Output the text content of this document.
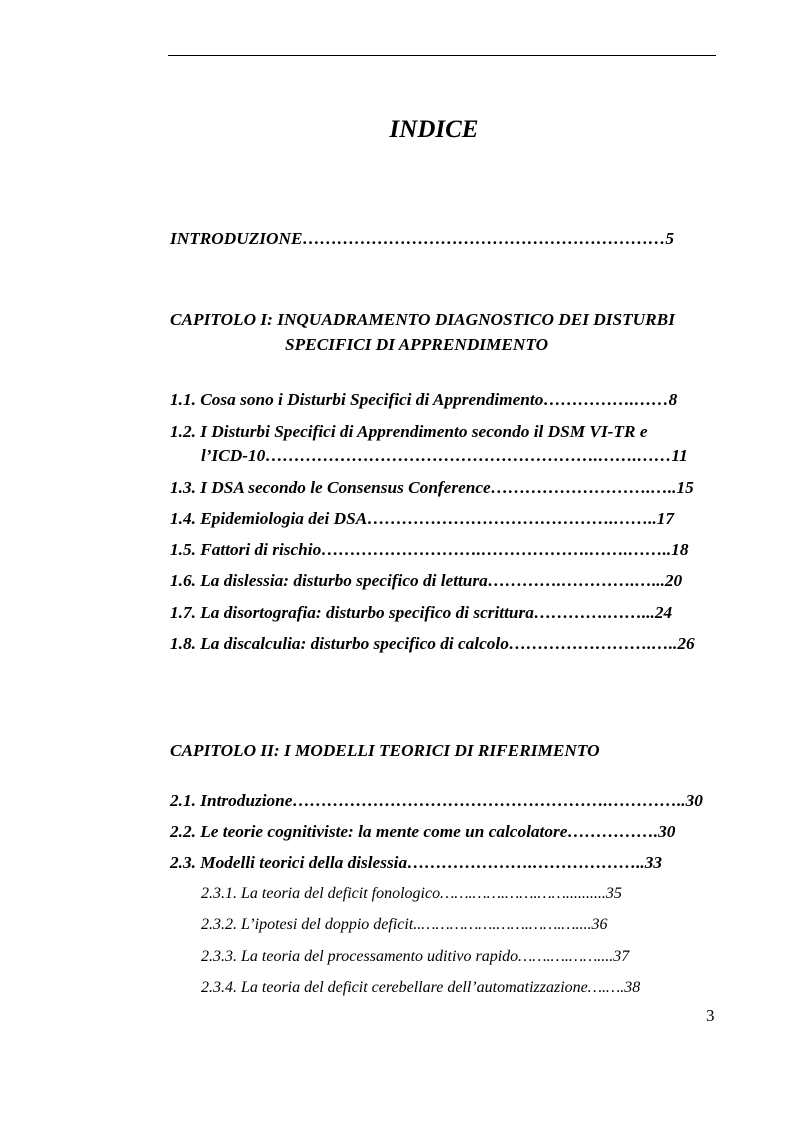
INDICE
INTRODUZIONE………………………………………………………5
CAPITOLO I: INQUADRAMENTO DIAGNOSTICO DEI DISTURBI
SPECIFICI DI APPRENDIMENTO
1.1. Cosa sono i Disturbi Specifici di Apprendimento…………….……8
1.2. I Disturbi Specifici di Apprendimento secondo il DSM VI-TR e
l’ICD-10………………………………………………….…….……11
1.3. I DSA secondo le Consensus Conference……………………….…..15
1.4. Epidemiologia dei DSA…………………………………….……..17
1.5. Fattori di rischio……………………….……………….…….……..18
1.6. La dislessia: disturbo specifico di lettura………….………….…...20
1.7. La disortografia: disturbo specifico di scrittura………….……...24
1.8. La discalculia: disturbo specifico di calcolo…………………….…..26
CAPITOLO II: I MODELLI TEORICI DI RIFERIMENTO
2.1. Introduzione……………………………………………….…………..30
2.2. Le teorie cognitiviste: la mente come un calcolatore…………….30
2.3. Modelli teorici della dislessia………………….………………..33
2.3.1. La teoria del deficit fonologico…….…….…….……..........35
2.3.2. L’ipotesi del doppio deficit..…………….…….…….…....36
2.3.3. La teoria del processamento uditivo rapido…….….……....37
2.3.4. La teoria del deficit cerebellare dell’automatizzazione….….38
3
